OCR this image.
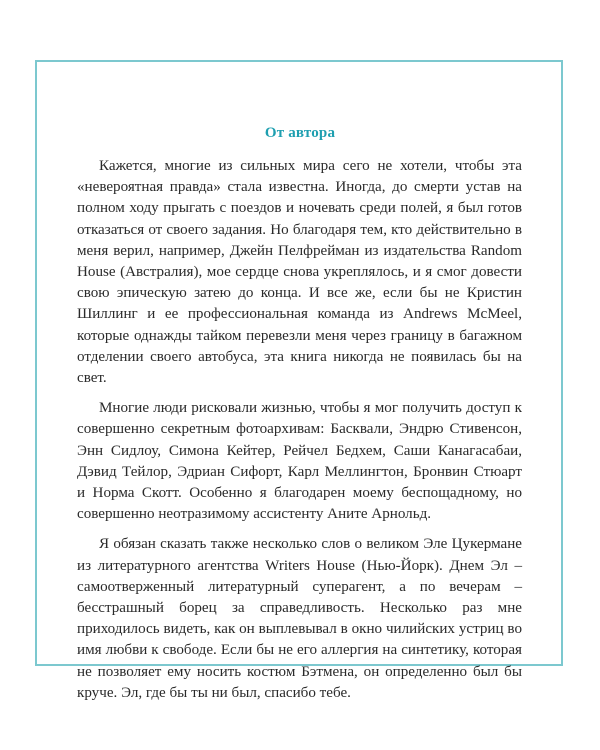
От автора

Кажется, многие из сильных мира сего не хотели, чтобы эта «невероятная правда» стала известна. Иногда, до смерти устав на полном ходу прыгать с поездов и ночевать среди полей, я был готов отказаться от своего задания. Но благодаря тем, кто действительно в меня верил, например, Джейн Пелфрейман из издательства Random House (Австралия), мое сердце снова укреплялось, и я смог довести свою эпическую затею до конца. И все же, если бы не Кристин Шиллинг и ее профессиональная команда из Andrews McMeel, которые однажды тайком перевезли меня через границу в багажном отделении своего автобуса, эта книга никогда не появилась бы на свет.

Многие люди рисковали жизнью, чтобы я мог получить доступ к совершенно секретным фотоархивам: Басквали, Эндрю Стивенсон, Энн Сидлоу, Симона Кейтер, Рейчел Бедхем, Саши Канагасабаи, Дэвид Тейлор, Эдриан Сифорт, Карл Меллингтон, Бронвин Стюарт и Норма Скотт. Особенно я благодарен моему беспощадному, но совершенно неотразимому ассистенту Аните Арнольд.

Я обязан сказать также несколько слов о великом Эле Цукермане из литературного агентства Writers House (Нью-Йорк). Днем Эл – самоотверженный литературный суперагент, а по вечерам – бесстрашный борец за справедливость. Несколько раз мне приходилось видеть, как он выплевывал в окно чилийских устриц во имя любви к свободе. Если бы не его аллергия на синтетику, которая не позволяет ему носить костюм Бэтмена, он определенно был бы круче. Эл, где бы ты ни был, спасибо тебе.
